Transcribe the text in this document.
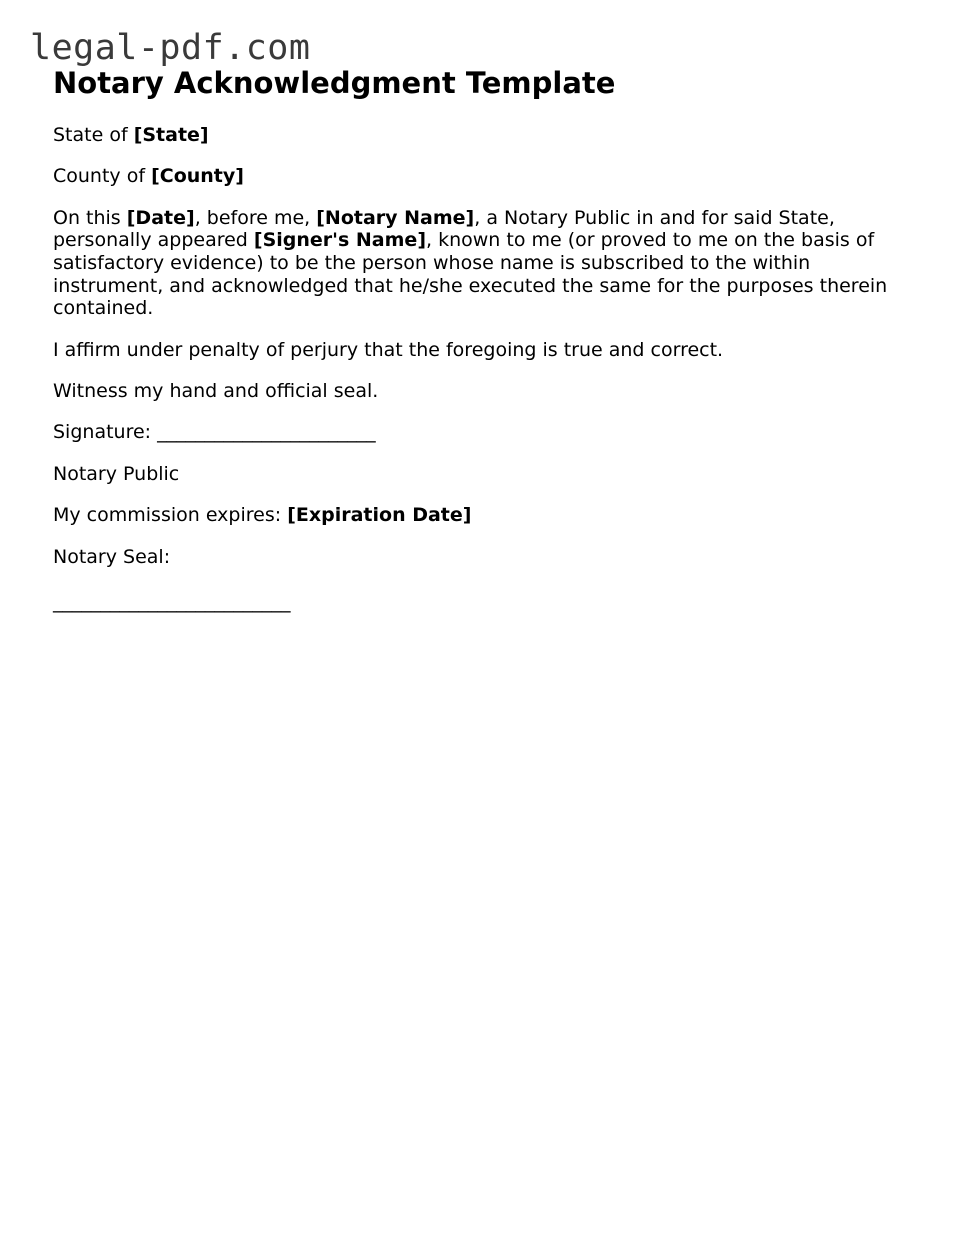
legal-pdf.com
Notary Acknowledgment Template

State of [State]

County of [County]

On this [Date], before me, [Notary Name], a Notary Public in and for said State, personally appeared [Signer's Name], known to me (or proved to me on the basis of satisfactory evidence) to be the person whose name is subscribed to the within instrument, and acknowledged that he/she executed the same for the purposes therein contained.

I affirm under penalty of perjury that the foregoing is true and correct.

Witness my hand and official seal.

Signature: _______________________

Notary Public

My commission expires: [Expiration Date]

Notary Seal:

_________________________
